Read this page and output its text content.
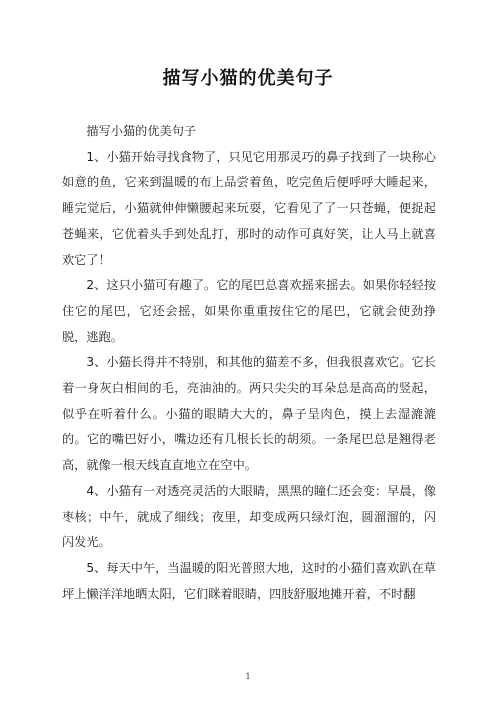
描写小猫的优美句子

描写小猫的优美句子

1、小猫开始寻找食物了，只见它用那灵巧的鼻子找到了一块称心如意的鱼，它来到温暖的布上品尝着鱼，吃完鱼后便呼呼大睡起来，睡完觉后，小猫就伸伸懒腰起来玩耍，它看见了了一只苍蝇，便捉起苍蝇来，它优着头手到处乱打，那时的动作可真好笑，让人马上就喜欢它了！

2、这只小猫可有趣了。它的尾巴总喜欢摇来摇去。如果你轻轻按住它的尾巴，它还会摇，如果你重重按住它的尾巴，它就会使劲挣脱，逃跑。

3、小猫长得并不特别，和其他的猫差不多，但我很喜欢它。它长着一身灰白相间的毛，亮油油的。两只尖尖的耳朵总是高高的竖起，似乎在听着什么。小猫的眼睛大大的，鼻子呈肉色，摸上去湿漉漉的。它的嘴巴好小，嘴边还有几根长长的胡须。一条尾巴总是翘得老高，就像一根天线直直地立在空中。

4、小猫有一对透亮灵活的大眼睛，黑黑的瞳仁还会变：早晨，像枣核；中午，就成了细线；夜里，却变成两只绿灯泡，圆溜溜的，闪闪发光。

5、每天中午，当温暖的阳光普照大地，这时的小猫们喜欢趴在草坪上懒洋洋地晒太阳，它们眯着眼睛，四肢舒服地摊开着，不时翻

1
